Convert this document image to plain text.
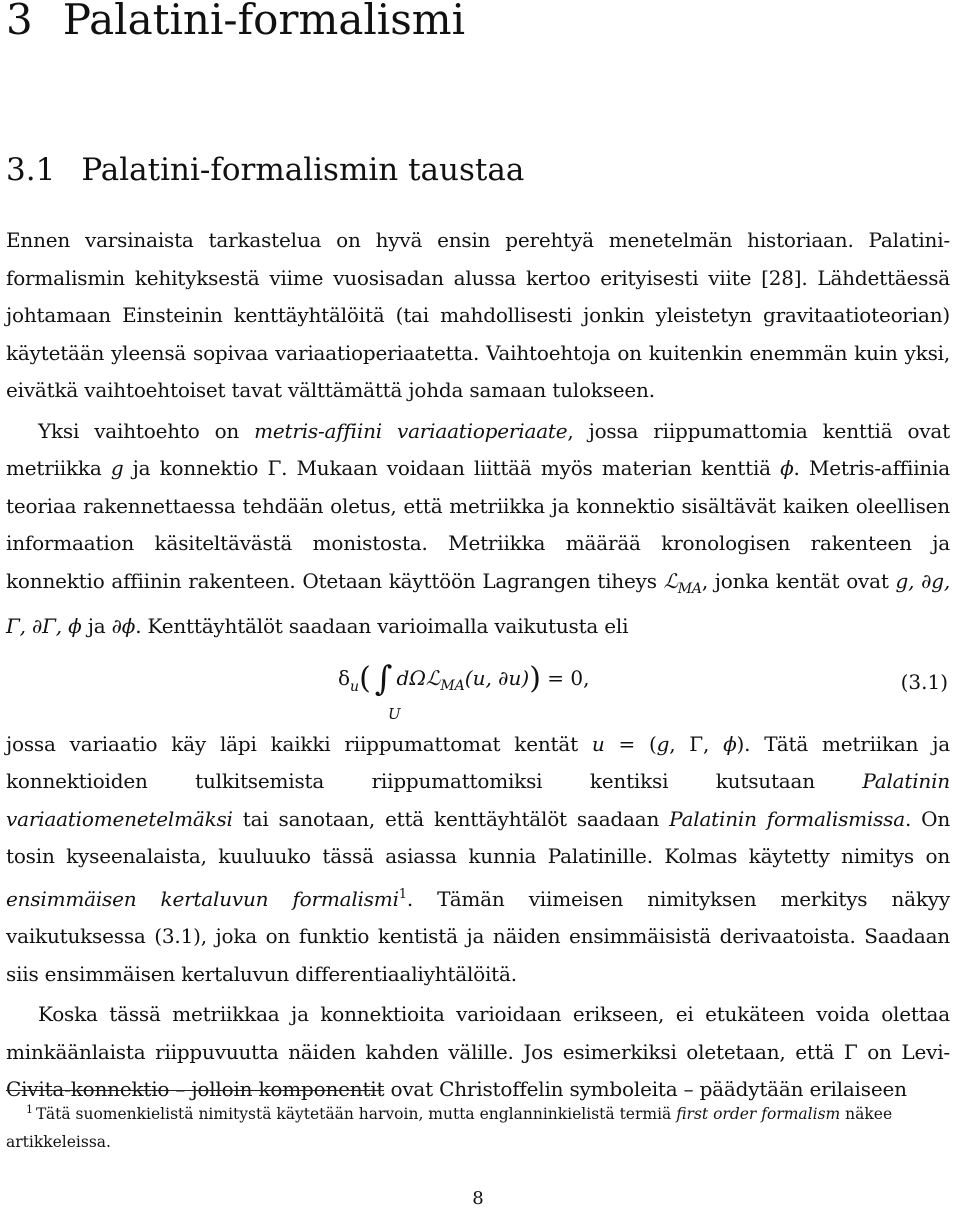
3 Palatini-formalismi
3.1 Palatini-formalismin taustaa

Ennen varsinaista tarkastelua on hyvä ensin perehtyä menetelmän historiaan. Palatini-formalismin kehityksestä viime vuosisadan alussa kertoo erityisesti viite [28]. Lähdettäessä johtamaan Einsteinin kenttäyhtälöitä (tai mahdollisesti jonkin yleistetyn gravitaatioteorian) käytetään yleensä sopivaa variaatioperiaatetta. Vaihtoehtoja on kuitenkin enemmän kuin yksi, eivätkä vaihtoehtoiset tavat välttämättä johda samaan tulokseen.

Yksi vaihtoehto on metris-affiini variaatioperiaate, jossa riippumattomia kenttiä ovat metriikka g ja konnektio Γ. Mukaan voidaan liittää myös materian kenttiä ϕ. Metris-affiinia teoriaa rakennettaessa tehdään oletus, että metriikka ja konnektio sisältävät kaiken oleellisen informaation käsiteltävästä monistosta. Metriikka määrää kronologisen rakenteen ja konnektio affiinin rakenteen. Otetaan käyttöön Lagrangen tiheys ℒ$_{MA}$, jonka kentät ovat g, ∂g, Γ, ∂Γ, ϕ ja ∂ϕ. Kenttäyhtälöt saadaan varioimalla vaikutusta eli

$\delta_u$( ∫ dΩℒ$_{MA}$(u, ∂u)) = 0,
U
(3.1)

jossa variaatio käy läpi kaikki riippumattomat kentät u = (g, Γ, ϕ). Tätä metriikan ja konnektioiden tulkitsemista riippumattomiksi kentiksi kutsutaan Palatinin variaatiomenetelmäksi tai sanotaan, että kenttäyhtälöt saadaan Palatinin formalismissa. On tosin kyseenalaista, kuuluuko tässä asiassa kunnia Palatinille. Kolmas käytetty nimitys on ensimmäisen kertaluvun formalismi$^1$. Tämän viimeisen nimityksen merkitys näkyy vaikutuksessa (3.1), joka on funktio kentistä ja näiden ensimmäisistä derivaatoista. Saadaan siis ensimmäisen kertaluvun differentiaaliyhtälöitä.

Koska tässä metriikkaa ja konnektioita varioidaan erikseen, ei etukäteen voida olettaa minkäänlaista riippuvuutta näiden kahden välille. Jos esimerkiksi oletetaan, että Γ on Levi-Civita-konnektio – jolloin komponentit ovat Christoffelin symboleita – päädytään erilaiseen

$^1$ Tätä suomenkielistä nimitystä käytetään harvoin, mutta englanninkielistä termiä first order formalism näkee artikkeleissa.

8
